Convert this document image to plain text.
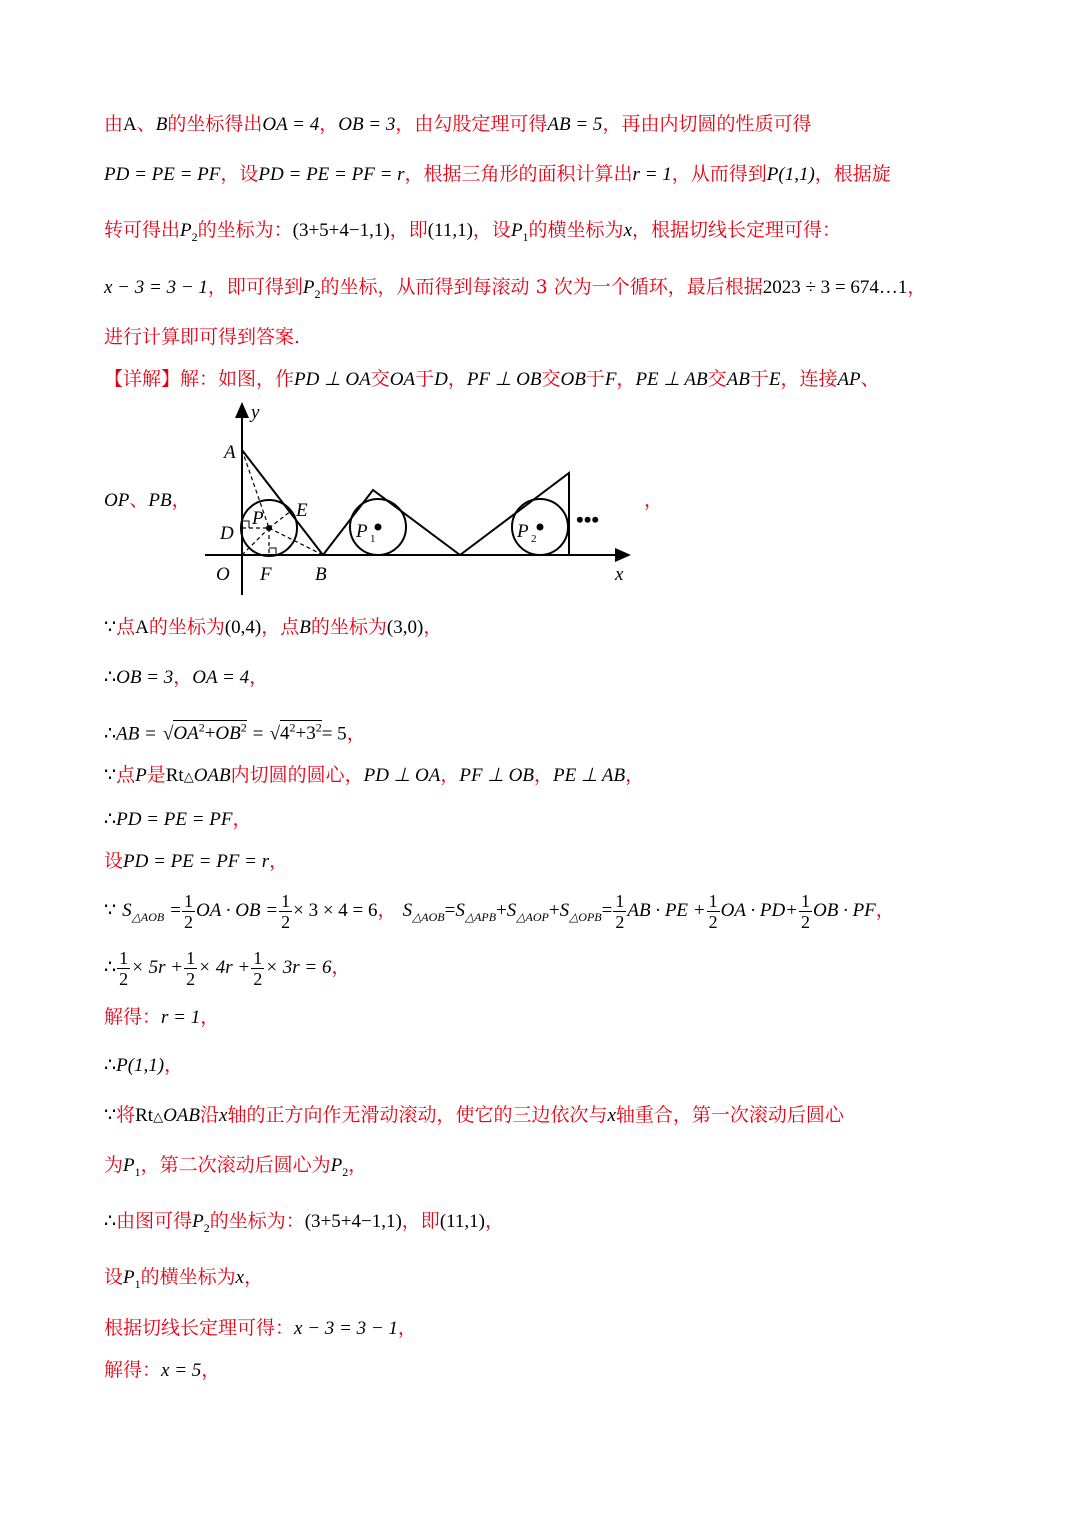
由A、B的坐标得出OA = 4，OB = 3，由勾股定理可得AB = 5，再由内切圆的性质可得
PD = PE = PF，设PD = PE = PF = r，根据三角形的面积计算出r = 1，从而得到P(1,1)，根据旋
转可得出$P_2$的坐标为：(3+5+4−1,1)，即(11,1)，设$P_1$的横坐标为x，根据切线长定理可得：
x − 3 = 3 − 1，即可得到$P_2$的坐标，从而得到每滚动 3 次为一个循环，最后根据2023 ÷ 3 = 674…1，
进行计算即可得到答案.
【详解】解：如图，作PD ⊥ OA交OA于D，PF ⊥ OB交OB于F，PE ⊥ AB交AB于E，连接AP、
OP、PB，	，
y
x
A
E
D
O F B
P
P 1	P 2
•••
∵点A的坐标为(0,4)，点B的坐标为(3,0)，
∴OB = 3，OA = 4，
∴AB = $√OA^2+OB^2 = √4^2+3^2= 5$，
∵点P是Rt△OAB内切圆的圆心，PD ⊥ OA，PF ⊥ OB，PE ⊥ AB，
∴PD = PE = PF，
设PD = PE = PF = r，
∵ $S_{\triangle AOB} = \frac{1}{2}$ OA · OB = $\frac{1}{2} \times 3 \times 4 = 6$， $S_{\triangle AOB}=S_{\triangle APB}+S_{\triangle AOP}+S_{\triangle OPB}= \frac{1}{2}$ AB · PE + $\frac{1}{2}$ OA · $PD+ \frac{1}{2}$ OB · PF，
∴ $\frac{1}{2} \times 5r + \frac{1}{2} \times 4r + \frac{1}{2} \times 3r = 6$，
解得：r = 1，
∴P(1,1)，
∵将Rt△OAB沿x轴的正方向作无滑动滚动，使它的三边依次与x轴重合，第一次滚动后圆心
为$P_1$，第二次滚动后圆心为$P_2$，
∴由图可得$P_2$的坐标为：(3+5+4−1,1)，即(11,1)，
设$P_1$的横坐标为x，
根据切线长定理可得：x − 3 = 3 − 1，
解得：x = 5，
